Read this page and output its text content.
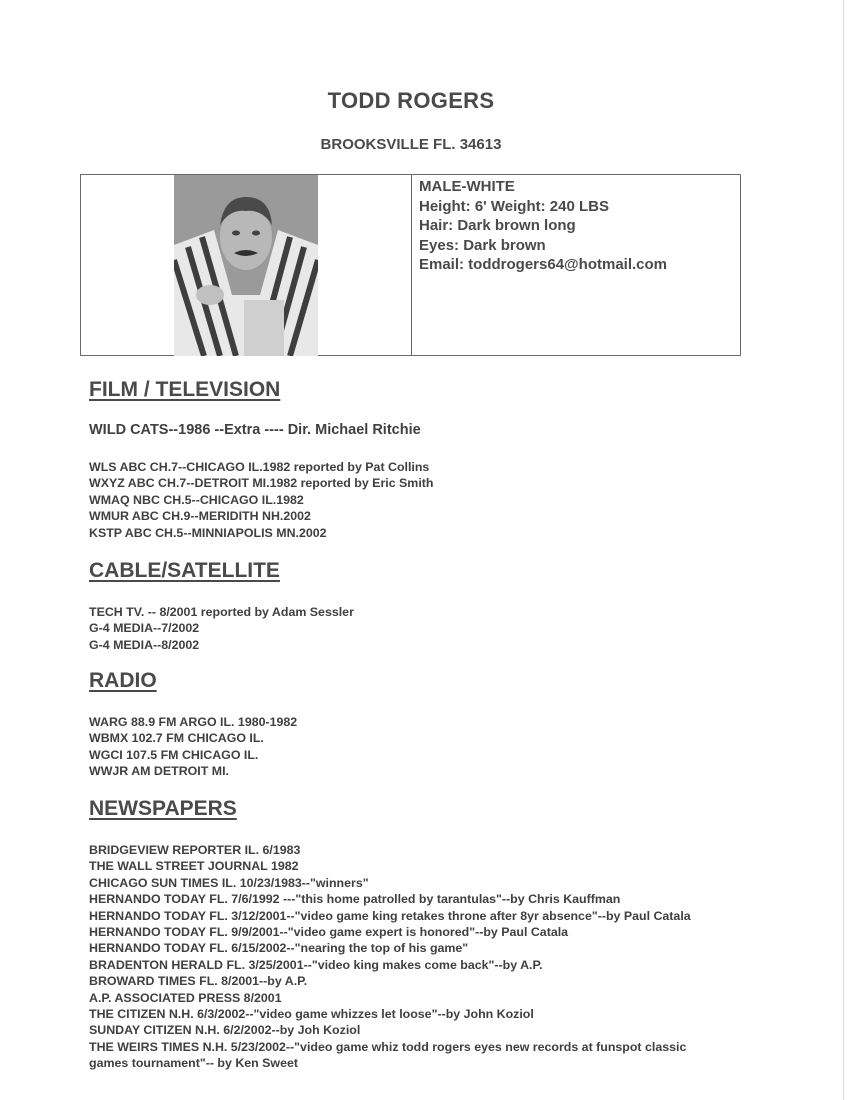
TODD ROGERS
BROOKSVILLE FL. 34613
MALE-WHITE
Height: 6' Weight: 240 LBS
Hair: Dark brown long
Eyes: Dark brown
Email: toddrogers64@hotmail.com
FILM / TELEVISION
WILD CATS--1986 --Extra ---- Dir. Michael Ritchie
WLS ABC CH.7--CHICAGO IL.1982 reported by Pat Collins
WXYZ ABC CH.7--DETROIT MI.1982 reported by Eric Smith
WMAQ NBC CH.5--CHICAGO IL.1982
WMUR ABC CH.9--MERIDITH NH.2002
KSTP ABC CH.5--MINNIAPOLIS MN.2002
CABLE/SATELLITE
TECH TV. -- 8/2001 reported by Adam Sessler
G-4 MEDIA--7/2002
G-4 MEDIA--8/2002
RADIO
WARG 88.9 FM ARGO IL. 1980-1982
WBMX 102.7 FM CHICAGO IL.
WGCI 107.5 FM CHICAGO IL.
WWJR AM DETROIT MI.
NEWSPAPERS
BRIDGEVIEW REPORTER IL. 6/1983
THE WALL STREET JOURNAL 1982
CHICAGO SUN TIMES IL. 10/23/1983--"winners"
HERNANDO TODAY FL. 7/6/1992 ---"this home patrolled by tarantulas"--by Chris Kauffman
HERNANDO TODAY FL. 3/12/2001--"video game king retakes throne after 8yr absence"--by Paul Catala
HERNANDO TODAY FL. 9/9/2001--"video game expert is honored"--by Paul Catala
HERNANDO TODAY FL. 6/15/2002--"nearing the top of his game"
BRADENTON HERALD FL. 3/25/2001--"video king makes come back"--by A.P.
BROWARD TIMES FL. 8/2001--by A.P.
A.P. ASSOCIATED PRESS 8/2001
THE CITIZEN N.H. 6/3/2002--"video game whizzes let loose"--by John Koziol
SUNDAY CITIZEN N.H. 6/2/2002--by Joh Koziol
THE WEIRS TIMES N.H. 5/23/2002--"video game whiz todd rogers eyes new records at funspot classic games tournament"-- by Ken Sweet
